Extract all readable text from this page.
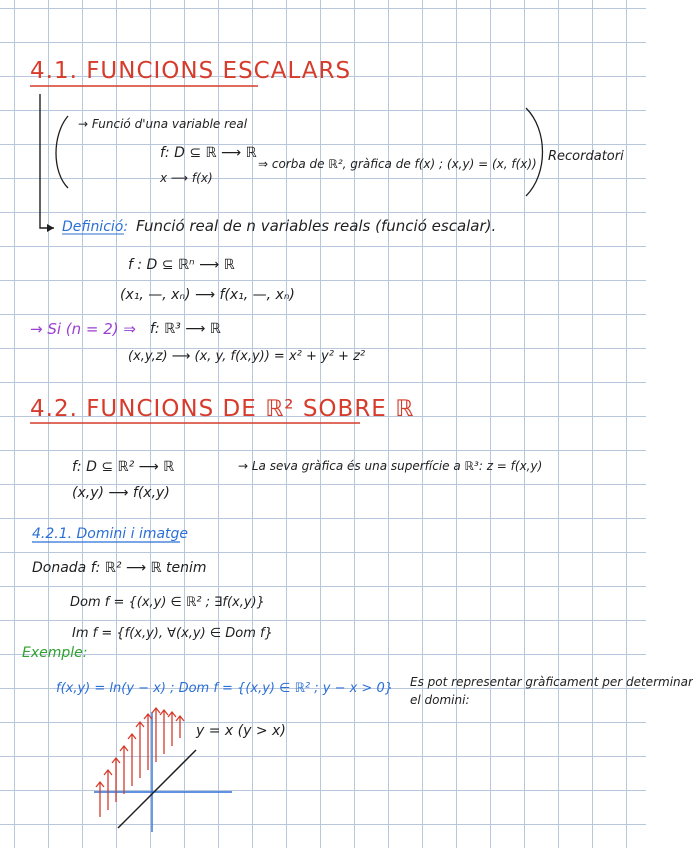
4.1. FUNCIONS ESCALARS
→ Funció d'una variable real
f: D ⊆ ℝ ⟶ ℝ
x ⟶ f(x)
⇒ corba de ℝ², gràfica de f(x) ; (x,y) = (x, f(x)) Recordatori
Definició: Funció real de n variables reals (funció escalar).
f : D ⊆ ℝⁿ ⟶ ℝ
(x₁, —, xₙ) ⟶ f(x₁, —, xₙ)
→ Si (n = 2) ⇒ f: ℝ³ ⟶ ℝ
(x,y,z) ⟶ (x, y, f(x,y)) = x² + y² + z²
4.2. FUNCIONS DE ℝ² SOBRE ℝ
f: D ⊆ ℝ² ⟶ ℝ
(x,y) ⟶ f(x,y)
→ La seva gràfica és una superfície a ℝ³: z = f(x,y)
4.2.1. Domini i imatge
Donada f: ℝ² ⟶ ℝ tenim
Dom f = {(x,y) ∈ ℝ² ; ∃f(x,y)}
Im f = {f(x,y), ∀(x,y) ∈ Dom f}
Exemple:
f(x,y) = ln(y − x) ; Dom f = {(x,y) ∈ ℝ² ; y − x > 0} Es pot representar gràficament per determinar
el domini:
y = x (y > x)
